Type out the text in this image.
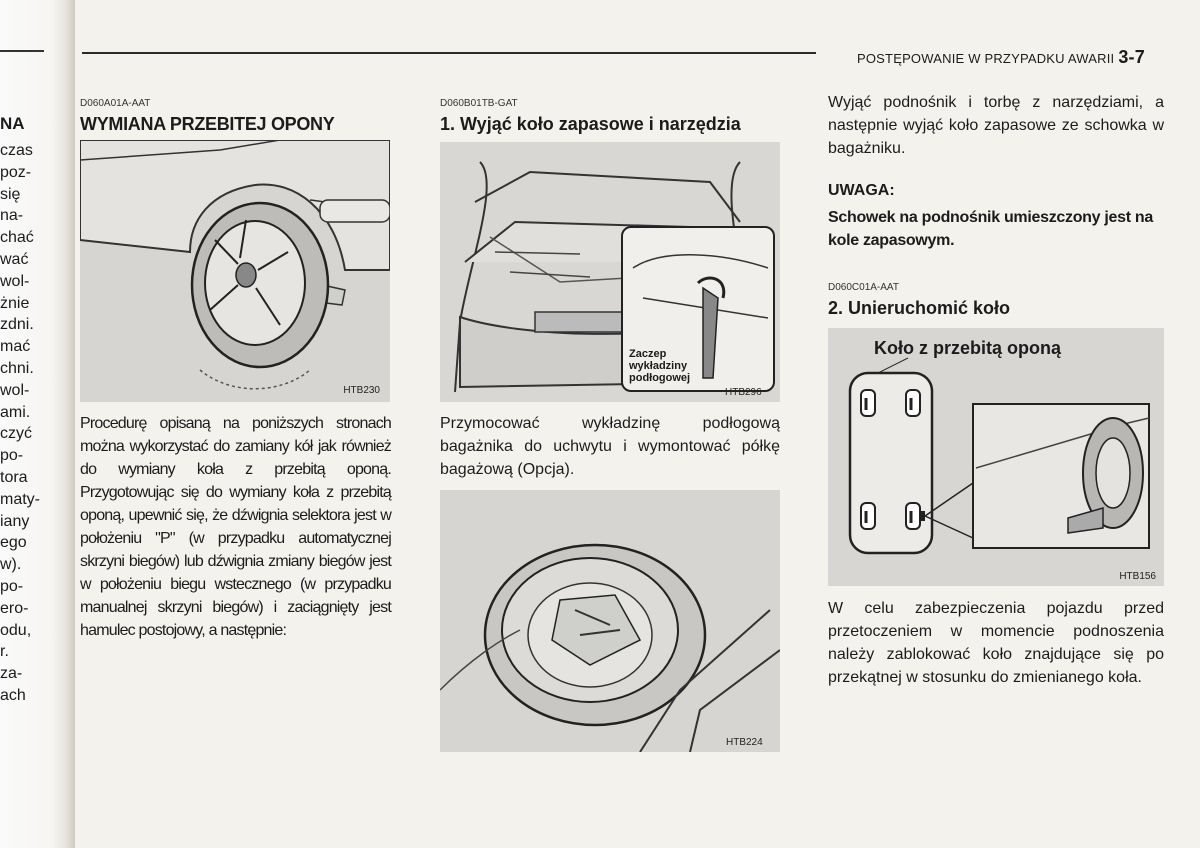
NA
czas
poz-
się
na-
chać
wać
wol-
żnie
zdni.
mać
chni.
wol-
ami.
czyć
po-
tora
maty-
iany
ego
w).
po-
ero-
odu,
r.
za-
ach
POSTĘPOWANIE W PRZYPADKU AWARII 3-7
D060A01A-AAT
WYMIANA PRZEBITEJ OPONY
HTB230
Procedurę opisaną na poniższych stronach można wykorzystać do zamiany kół jak również do wymiany koła z przebitą oponą. Przygotowując się do wymiany koła z przebitą oponą, upewnić się, że dźwignia selektora jest w położeniu "P" (w przypadku automatycznej skrzyni biegów) lub dźwignia zmiany biegów jest w położeniu biegu wstecznego (w przypadku manualnej skrzyni biegów) i zaciągnięty jest hamulec postojowy, a następnie:
D060B01TB-GAT
1. Wyjąć koło zapasowe i narzędzia
Zaczep
wykładziny
podłogowej
HTB296
Przymocować wykładzinę podłogową bagażnika do uchwytu i wymontować półkę bagażową (Opcja).
HTB224
Wyjąć podnośnik i torbę z narzędziami, a następnie wyjąć koło zapasowe ze schowka w bagażniku.
UWAGA:
Schowek na podnośnik umieszczony jest na kole zapasowym.
D060C01A-AAT
2. Unieruchomić koło
Koło z przebitą oponą
HTB156
W celu zabezpieczenia pojazdu przed przetoczeniem w momencie podnoszenia należy zablokować koło znajdujące się po przekątnej w stosunku do zmienianego koła.
